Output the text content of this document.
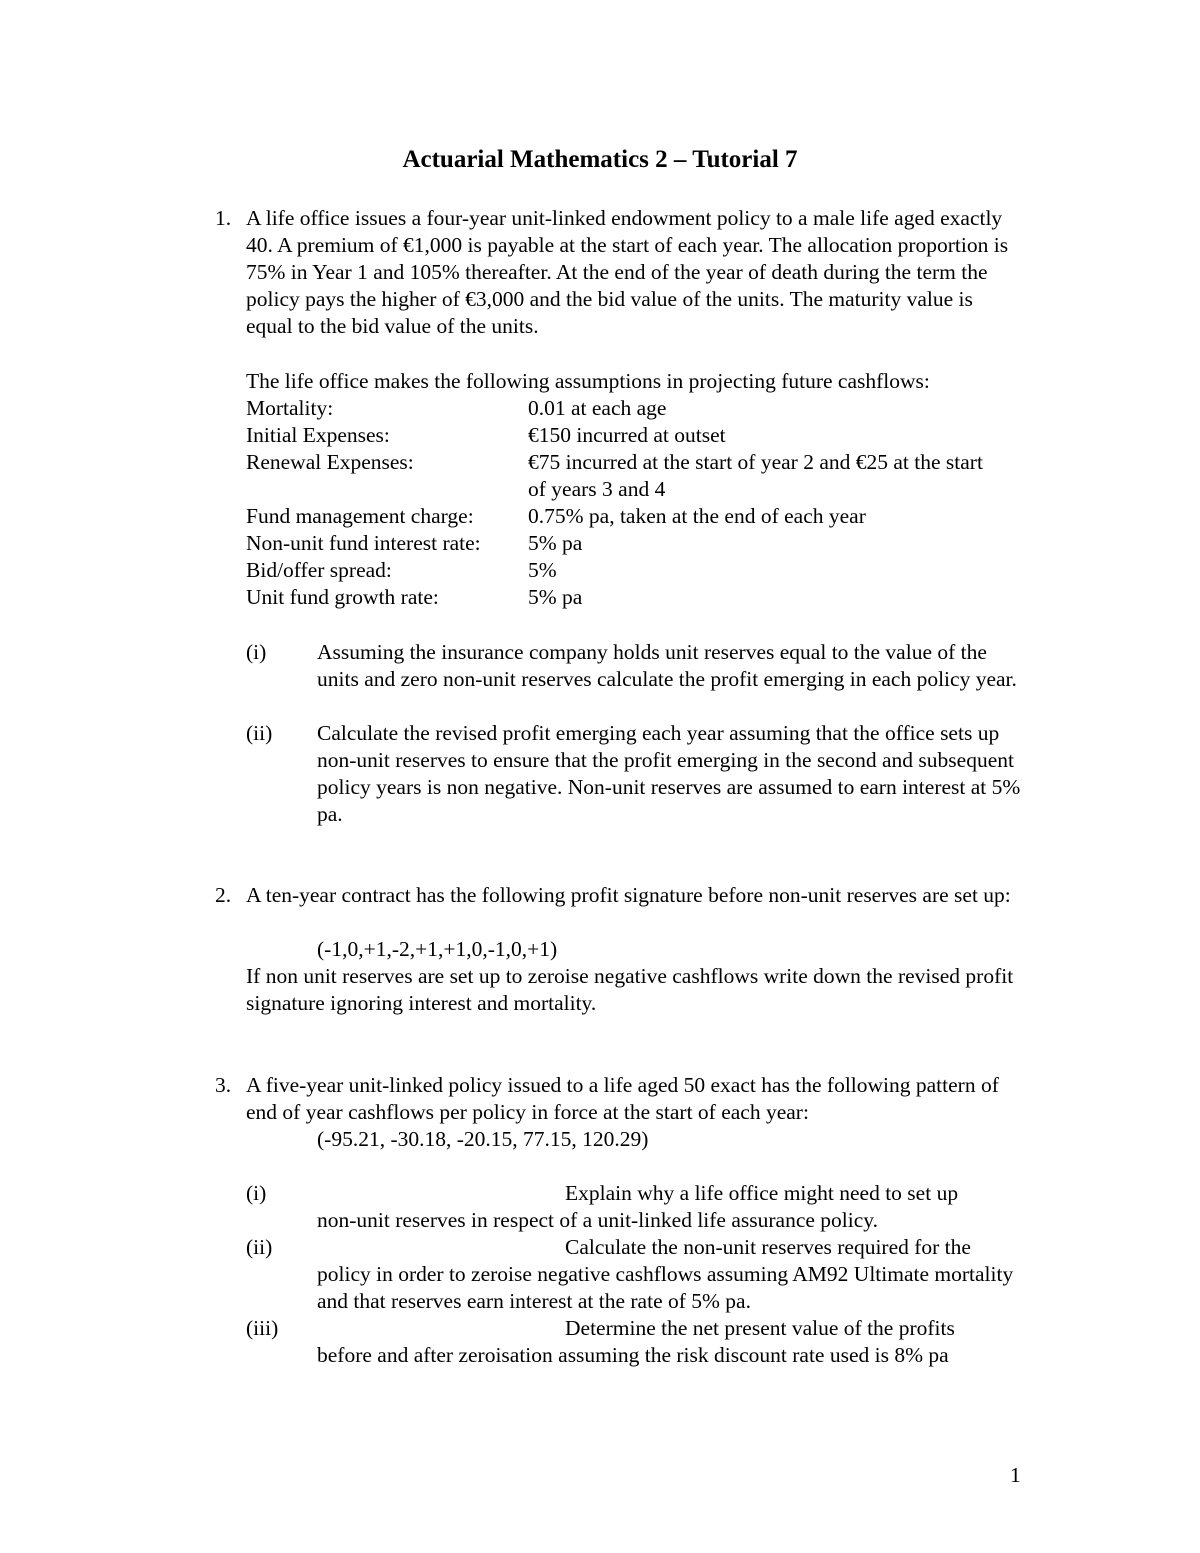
Actuarial Mathematics 2 – Tutorial 7
1. A life office issues a four-year unit-linked endowment policy to a male life aged exactly 40. A premium of €1,000 is payable at the start of each year. The allocation proportion is 75% in Year 1 and 105% thereafter. At the end of the year of death during the term the policy pays the higher of €3,000 and the bid value of the units. The maturity value is equal to the bid value of the units.

The life office makes the following assumptions in projecting future cashflows:

Mortality:	0.01 at each age
Initial Expenses:	€150 incurred at outset
Renewal Expenses:	€75 incurred at the start of year 2 and €25 at the start of years 3 and 4
Fund management charge:	0.75% pa, taken at the end of each year
Non-unit fund interest rate: 5% pa
Bid/offer spread:	5%
Unit fund growth rate:	5% pa
(i) Assuming the insurance company holds unit reserves equal to the value of the units and zero non-unit reserves calculate the profit emerging in each policy year.

(ii) Calculate the revised profit emerging each year assuming that the office sets up non-unit reserves to ensure that the profit emerging in the second and subsequent policy years is non negative. Non-unit reserves are assumed to earn interest at 5% pa.

2. A ten-year contract has the following profit signature before non-unit reserves are set up:

(-1,0,+1,-2,+1,+1,0,-1,0,+1)

If non unit reserves are set up to zeroise negative cashflows write down the revised profit signature ignoring interest and mortality.

3. A five-year unit-linked policy issued to a life aged 50 exact has the following pattern of end of year cashflows per policy in force at the start of each year:

(-95.21, -30.18, -20.15, 77.15, 120.29)
(i)	Explain why a life office might need to set up

non-unit reserves in respect of a unit-linked life assurance policy.

(ii)	Calculate the non-unit reserves required for the

policy in order to zeroise negative cashflows assuming AM92 Ultimate mortality and that reserves earn interest at the rate of 5% pa.

(iii)	Determine the net present value of the profits

before and after zeroisation assuming the risk discount rate used is 8% pa

1
